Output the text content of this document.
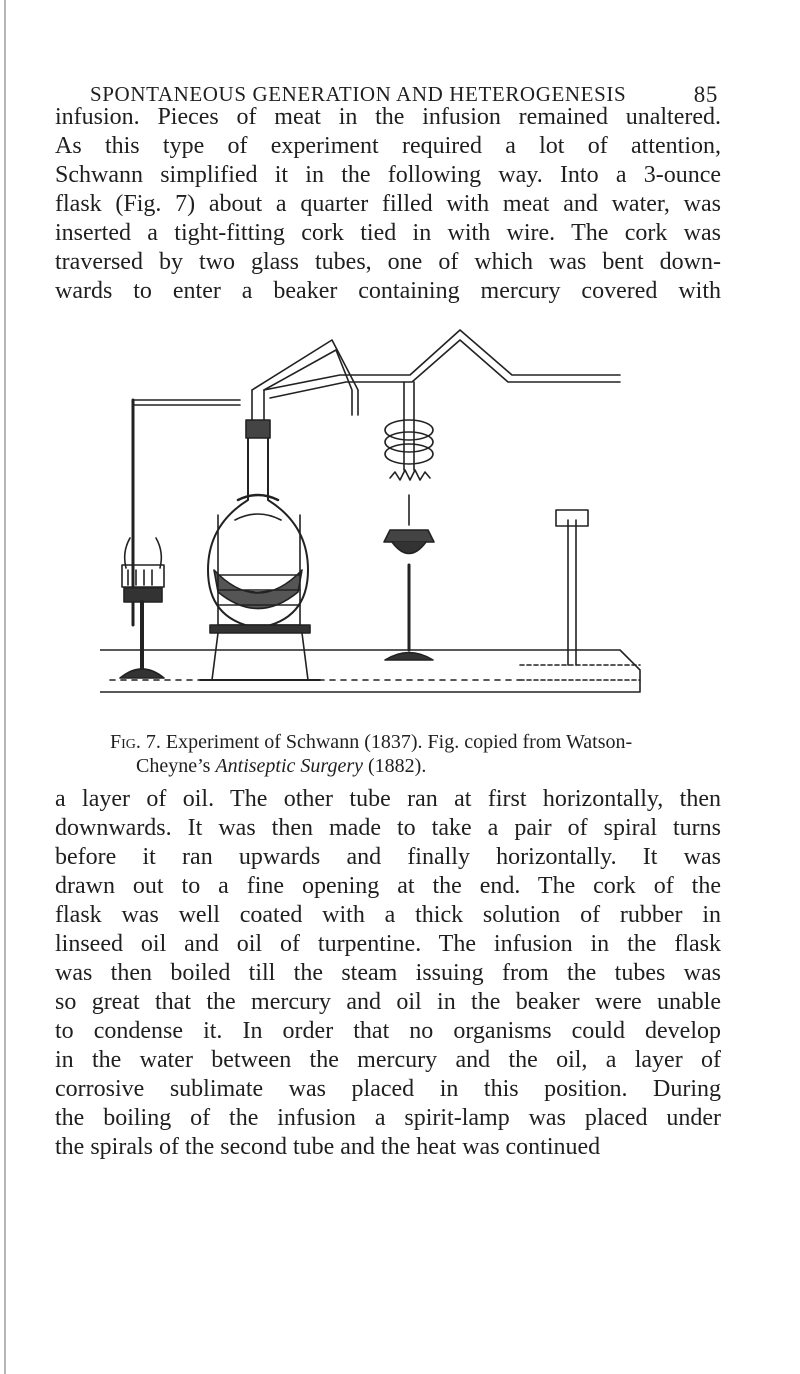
SPONTANEOUS GENERATION AND HETEROGENESIS	85
infusion. Pieces of meat in the infusion remained unaltered.
As this type of experiment required a lot of attention,
Schwann simplified it in the following way. Into a 3-ounce
flask (Fig. 7) about a quarter filled with meat and water, was
inserted a tight-fitting cork tied in with wire. The cork was
traversed by two glass tubes, one of which was bent down-
wards to enter a beaker containing mercury covered with
Fig. 7. Experiment of Schwann (1837). Fig. copied from Watson-
Cheyne’s Antiseptic Surgery (1882).
a layer of oil. The other tube ran at first horizontally, then
downwards. It was then made to take a pair of spiral turns
before it ran upwards and finally horizontally. It was
drawn out to a fine opening at the end. The cork of the
flask was well coated with a thick solution of rubber in
linseed oil and oil of turpentine. The infusion in the flask
was then boiled till the steam issuing from the tubes was
so great that the mercury and oil in the beaker were unable
to condense it. In order that no organisms could develop
in the water between the mercury and the oil, a layer of
corrosive sublimate was placed in this position. During
the boiling of the infusion a spirit-lamp was placed under
the spirals of the second tube and the heat was continued
